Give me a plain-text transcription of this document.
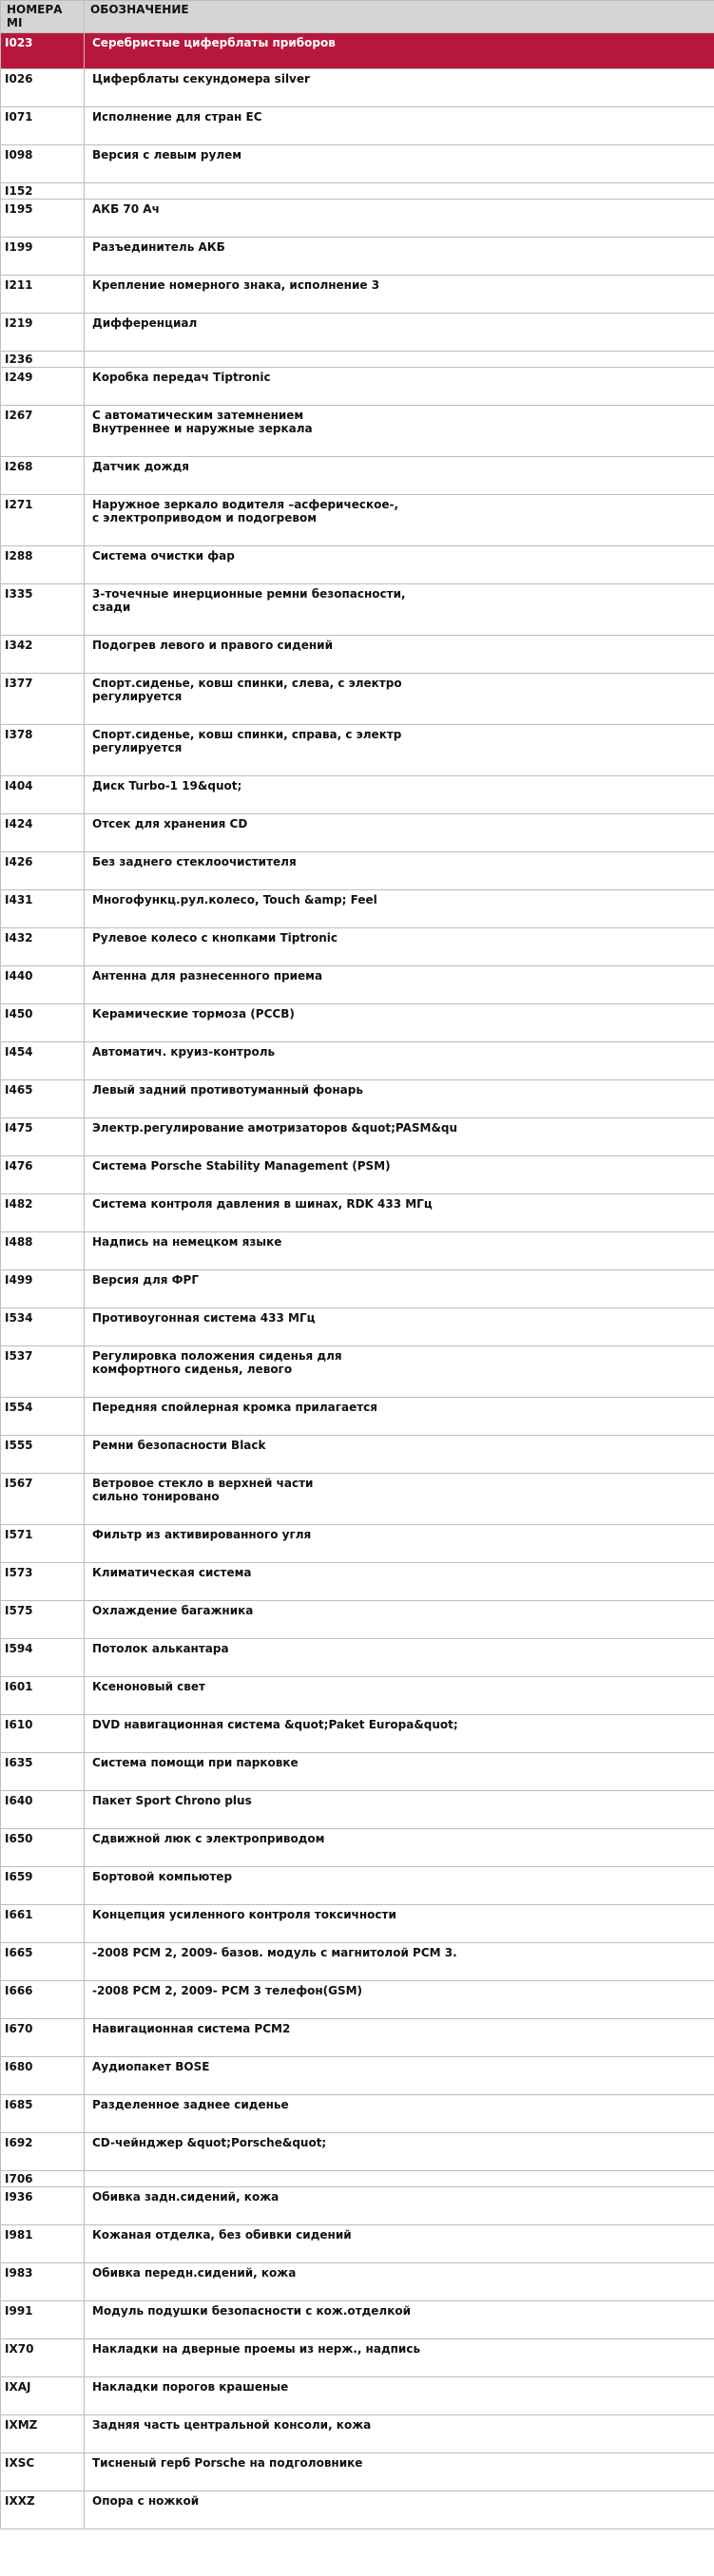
НОМЕРА МI	ОБОЗНАЧЕНИЕ
I023	Серебристые циферблаты приборов
I026	Циферблаты секундомера silver
I071	Исполнение для стран ЕС
I098	Версия с левым рулем
I152	
I195	АКБ 70 Ач
I199	Разъединитель АКБ
I211	Крепление номерного знака, исполнение 3
I219	Дифференциал
I236	
I249	Коробка передач Tiptronic
I267	С автоматическим затемнением
Внутреннее и наружные зеркала
I268	Датчик дождя
I271	Наружное зеркало водителя –асферическое-,
с электроприводом и подогревом
I288	Система очистки фар
I335	3-точечные инерционные ремни безопасности,
сзади
I342	Подогрев левого и правого сидений
I377	Спорт.сиденье, ковш спинки, слева, с электро
регулируется
I378	Спорт.сиденье, ковш спинки, справа, с электр
регулируется
I404	Диск Turbo-1 19&quot;
I424	Отсек для хранения CD
I426	Без заднего стеклоочистителя
I431	Многофункц.рул.колесо, Touch &amp; Feel
I432	Рулевое колесо с кнопками Tiptronic
I440	Антенна для разнесенного приема
I450	Керамические тормоза (PCCB)
I454	Автоматич. круиз-контроль
I465	Левый задний противотуманный фонарь
I475	Электр.регулирование амотризаторов &quot;PASM&qu
I476	Система Porsche Stability Management (PSM)
I482	Система контроля давления в шинах, RDK 433 МГц
I488	Надпись на немецком языке
I499	Версия для ФРГ
I534	Противоугонная система 433 МГц
I537	Регулировка положения сиденья для
комфортного сиденья, левого
I554	Передняя спойлерная кромка прилагается
I555	Ремни безопасности Black
I567	Ветровое стекло в верхней части
сильно тонировано
I571	Фильтр из активированного угля
I573	Климатическая система
I575	Охлаждение багажника
I594	Потолок алькантара
I601	Ксеноновый свет
I610	DVD навигационная система &quot;Paket Europa&quot;
I635	Система помощи при парковке
I640	Пакет Sport Chrono plus
I650	Сдвижной люк с электроприводом
I659	Бортовой компьютер
I661	Концепция усиленного контроля токсичности
I665	-2008 PCM 2, 2009- базов. модуль с магнитолой PCM 3.
I666	-2008 PCM 2, 2009- PCM 3 телефон(GSM)
I670	Навигационная система PCM2
I680	Аудиопакет BOSE
I685	Разделенное заднее сиденье
I692	CD-чейнджер &quot;Porsche&quot;
I706	
I936	Обивка задн.сидений, кожа
I981	Кожаная отделка, без обивки сидений
I983	Обивка передн.сидений, кожа
I991	Модуль подушки безопасности с кож.отделкой
IX70	Накладки на дверные проемы из нерж., надпись
IXAJ	Накладки порогов крашеные
IXMZ	Задняя часть центральной консоли, кожа
IXSC	Тисненый герб Porsche на подголовнике
IXXZ	Опора с ножкой
